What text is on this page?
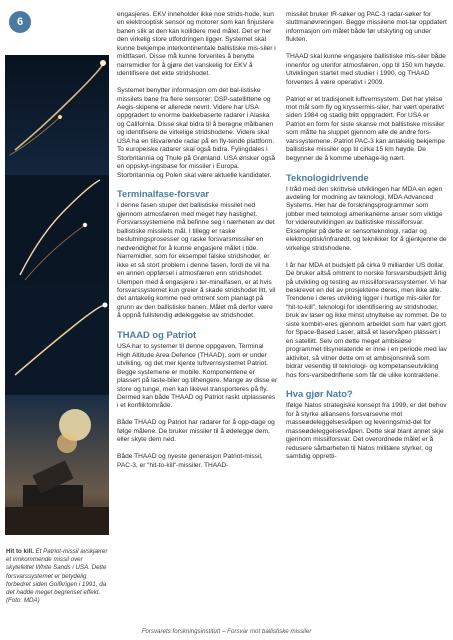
6
Hit to kill. Et Patriot-missil avskjærer et innkommende missil over skytefeltet White Sands i USA. Dette forsvarssystemet er betydelig forbedret siden Golfkrigen i 1991, da det hadde meget begrenset effekt. (Foto: MDA)

engasjeres. EKV inneholder ikke noe strids-hode, kun en elektrooptisk sensor og motorer som kan finjustere banen slik at den kan kollidere med målet. Det er her den virkelig store utfordringen ligger. Systemet skal kunne bekjempe interkontinentale ballistiske mis-siler i midtfasen. Disse må kunne forventes å benytte narremidler for å gjøre det vanskelig for EKV å identifisere det ekte stridshodet.

Systemet benytter informasjon om det bal-listiske missilets bane fra flere sensorer: DSP-satellittene og Aegis-skipene er allerede nevnt. Videre har USA oppgradert to enorme bakkebaserte radarer i Alaska og California. Disse skal bidra til å beregne målbanen og identifisere de virkelige stridshodene. Videre skal USA ha en tilsvarende radar på en fly-tende plattform. To europeiske radarer skal også bidra. Fylingdales i Storbritannia og Thule på Grønland. USA ønsker også en oppskyt-ingsbase for missiler i Europa. Storbritannia og Polen skal være aktuelle kandidater.

Terminalfase-forsvar

I denne fasen stuper det ballistiske missilet ned gjennom atmosfæren med meget høy hastighet. Forsvarssystemene må befinne seg i nærheten av det ballistiske missilets mål. I tillegg er raske beslutningsprosesser og raske forsvarsmissiler en nødvendighet for å kunne engasjere målet i tide. Narremidler, som for eksempel falske stridshoder, er ikke et så stort problem i denne fasen, fordi de vil ha en annen oppførsel i atmosfæren enn stridshodet. Ulempen med å engasjere i ter-minalfasen, er at hvis forsvarssystemet kun greier å skade stridshodet litt, vil det antakelig komme ned omtrent som planlagt på grunn av den ballistiske banen. Målet må derfor være å oppnå fullstendig ødeleggelse av stridshodet.

THAAD og Patriot

USA har to systemer til denne oppgaven, Terminal High Altitude Area Defence (THAAD), som er under utvikling, og det mer kjente luftvernsystemet Patriot. Begge systemene er mobile. Komponentene er plassert på laste-biler og tilhengere. Mange av disse er store og tunge, men kan likevel transporteres på fly. Dermed kan både THAAD og Patriot raskt utplasseres i et konfliktområde.

Både THAAD og Patriot har radarer for å opp-dage og følge målene. De bruker missiler til å ødelegge dem, eller skyte dem ned.

Både THAAD og nyeste generasjon Patriot-missil, PAC-3, er “hit-to-kill”-missiler. THAAD-

missilet bruker IR-søker og PAC-3 radar-søker for sluttmanøvreringen. Begge missilene mot-tar oppdatert informasjon om målet både før utskyting og under flukten.

THAAD skal kunne engasjere ballistiske mis-siler både innenfor og utenfor atmosfæren, opp til 150 km høyde. Utviklingen startet med studier i 1990, og THAAD forventes å være operativt i 2009.

Patriot er et tradisjonelt luftvernsystem. Det har ytelse mot mål som fly og kryssermis-siler, har vært operativt siden 1984 og stadig blitt oppgradert. For USA er Patriot en form for siste skanse mot ballistiske missiler som måtte ha sluppet gjennom alle de andre fors-varssystemene. Patriot PAC-3 kan antakelig bekjempe ballistiske missiler opp til cirka 15 km høyde. De begynner de å komme ubehage-lig nært.

Teknologidrivende

I tråd med den skrittvise utviklingen har MDA en egen avdeling for modning av teknologi, MDA Advanced Systems. Her har de forskningsprogrammer som jobber med teknologi amerikanerne anser som viktige for videreutviklingen av ballistiske missilforsvar. Eksempler på dette er sensorteknologi, radar og elektrooptisk/infrarødt, og teknikker for å gjenkjenne de virkelige stridshodene.

I år har MDA et budsjett på cirka 9 milliarder US dollar. De bruker altså omtrent to norske forsvarsbudsjett årlig på utvikling og testing av missilforsvarssystemer. Vi har beskrevet en del av prosjektene deres, men ikke alle. Trendene i deres utvikling ligger i hurtige mis-siler for “hit-to-kill”, teknologi for identifisering av stridshoder, bruk av laser og ikke minst utnyttelse av rommet. De to siste kombin-eres gjennom arbeidet som har vært gjort for Space-Based Laser, altså et laservåpen plassert i en satellitt. Selv om dette meget ambisiøse programmet tilsynelatende er inne i en periode med lav aktivitet, så vitner dette om et ambisjonsnivå som bidrar vesentlig til teknologi- og kompetanseutvikling hos fors-varsbedriftene som får de ulike kontraktene.

Hva gjør Nato?

Ifølge Natos strategiske konsept fra 1999, er det behov for å styrke alliansens forsvarsevne mot masseødeleggelsesvåpen og leveringsmid-del for masseødeleggelsesvåpen. Dette skal blant annet skje gjennom missilforsvar. Det overordnede målet er å redusere sårbarheten til Natos militære styrker, og samtidig oppretti-

Forsvarets forskningsinstitutt – Forsvar mot ballistiske missiler
